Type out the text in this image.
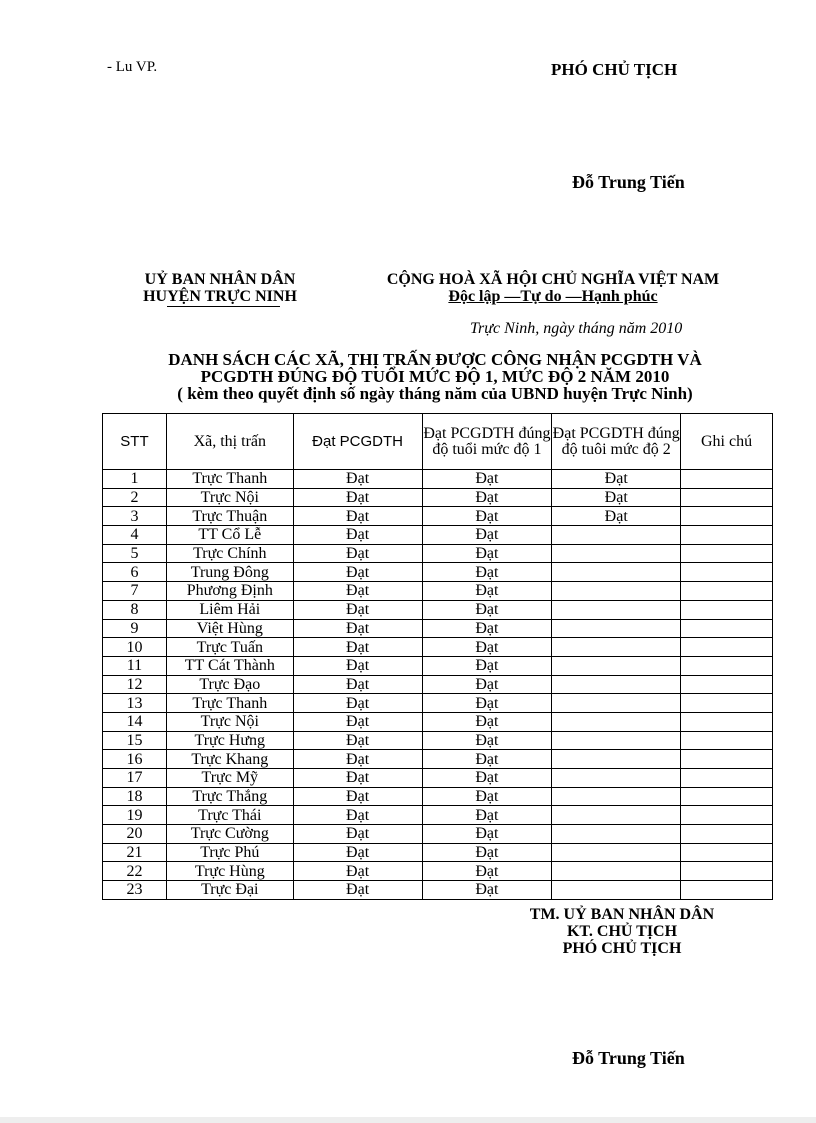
- Lu VP.	PHÓ CHỦ TỊCH
Đỗ Trung Tiến
UỶ BAN NHÂN DÂN
HUYỆN TRỰC NINH
CỘNG HOÀ XÃ HỘI CHỦ NGHĨA VIỆT NAM
Độc lập —Tự do —Hạnh phúc
Trực Ninh, ngày tháng năm 2010
DANH SÁCH CÁC XÃ, THỊ TRẤN ĐƯỢC CÔNG NHẬN PCGDTH VÀ
PCGDTH ĐÚNG ĐỘ TUỔI MỨC ĐỘ 1, MỨC ĐỘ 2 NĂM 2010
( kèm theo quyết định số ngày tháng năm của UBND huyện Trực Ninh)
STT	Xã, thị trấn	Đạt PCGDTH	Đạt PCGDTH đúng độ tuổi mức độ 1	Đạt PCGDTH đúng độ tuôi mức độ 2	Ghi chú
1	Trực Thanh	Đạt	Đạt	Đạt	
2	Trực Nội	Đạt	Đạt	Đạt	
3	Trực Thuận	Đạt	Đạt	Đạt	
4	TT Cổ Lễ	Đạt	Đạt		
5	Trực Chính	Đạt	Đạt		
6	Trung Đông	Đạt	Đạt		
7	Phương Định	Đạt	Đạt		
8	Liêm Hải	Đạt	Đạt		
9	Việt Hùng	Đạt	Đạt		
10	Trực Tuấn	Đạt	Đạt		
11	TT Cát Thành	Đạt	Đạt		
12	Trực Đạo	Đạt	Đạt		
13	Trực Thanh	Đạt	Đạt		
14	Trực Nội	Đạt	Đạt		
15	Trực Hưng	Đạt	Đạt		
16	Trực Khang	Đạt	Đạt		
17	Trực Mỹ	Đạt	Đạt		
18	Trực Thắng	Đạt	Đạt		
19	Trực Thái	Đạt	Đạt		
20	Trực Cường	Đạt	Đạt		
21	Trực Phú	Đạt	Đạt		
22	Trực Hùng	Đạt	Đạt		
23	Trực Đại	Đạt	Đạt		
TM. UỶ BAN NHÂN DÂN
KT. CHỦ TỊCH
PHÓ CHỦ TỊCH
Đỗ Trung Tiến
